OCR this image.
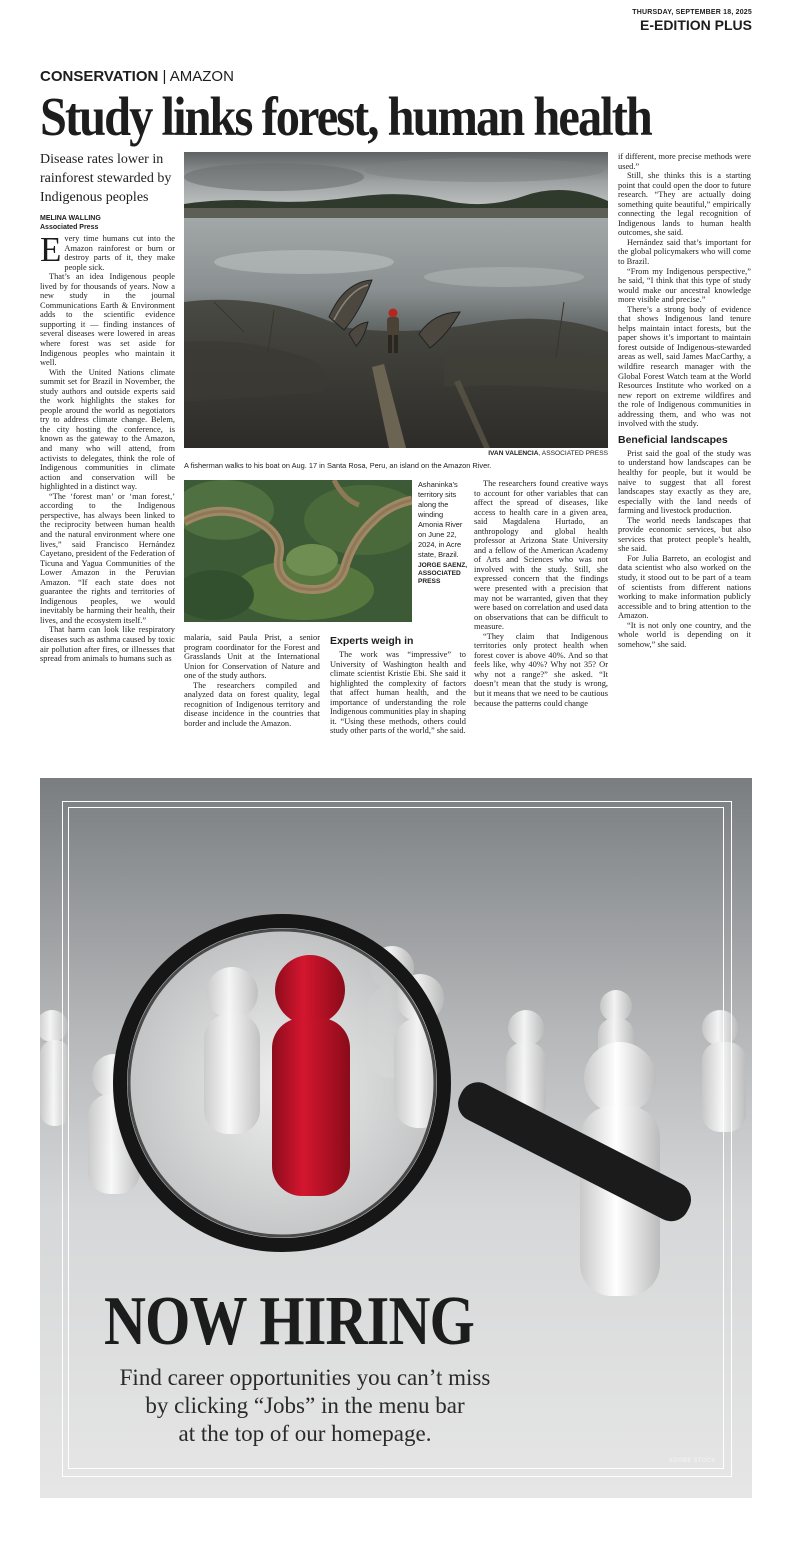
THURSDAY, SEPTEMBER 18, 2025
E-EDITION PLUS
CONSERVATION | AMAZON
Study links forest, human health
Disease rates lower in rainforest stewarded by Indigenous peoples
MELINA WALLING
Associated Press

Every time humans cut into the Amazon rainforest or burn or destroy parts of it, they make people sick.

That’s an idea Indigenous people lived by for thousands of years. Now a new study in the journal Communications Earth & Environment adds to the scientific evidence supporting it — finding instances of several diseases were lowered in areas where forest was set aside for Indigenous peoples who maintain it well.

With the United Nations climate summit set for Brazil in November, the study authors and outside experts said the work highlights the stakes for people around the world as negotiators try to address climate change. Belem, the city hosting the conference, is known as the gateway to the Amazon, and many who will attend, from activists to delegates, think the role of Indigenous communities in climate action and conservation will be highlighted in a distinct way.

“The ‘forest man’ or ‘man forest,’ according to the Indigenous perspective, has always been linked to the reciprocity between human health and the natural environment where one lives,” said Francisco Hernández Cayetano, president of the Federation of Ticuna and Yagua Communities of the Lower Amazon in the Peruvian Amazon. “If each state does not guarantee the rights and territories of Indigenous peoples, we would inevitably be harming their health, their lives, and the ecosystem itself.”

That harm can look like respiratory diseases such as asthma caused by toxic air pollution after fires, or illnesses that spread from animals to humans such as

IVAN VALENCIA, ASSOCIATED PRESS
A fisherman walks to his boat on Aug. 17 in Santa Rosa, Peru, an island on the Amazon River.
Ashaninka’s territory sits along the winding Amonia River on June 22, 2024, in Acre state, Brazil.
JORGE SAENZ, ASSOCIATED PRESS

malaria, said Paula Prist, a senior program coordinator for the Forest and Grasslands Unit at the International Union for Conservation of Nature and one of the study authors.

The researchers compiled and analyzed data on forest quality, legal recognition of Indigenous territory and disease incidence in the countries that border and include the Amazon.

Experts weigh in

The work was “impressive” to University of Washington health and climate scientist Kristie Ebi. She said it highlighted the complexity of factors that affect human health, and the importance of understanding the role Indigenous communities play in shaping it. “Using these methods, others could study other parts of the world,” she said.

The researchers found creative ways to account for other variables that can affect the spread of diseases, like access to health care in a given area, said Magdalena Hurtado, an anthropology and global health professor at Arizona State University and a fellow of the American Academy of Arts and Sciences who was not involved with the study. Still, she expressed concern that the findings were presented with a precision that may not be warranted, given that they were based on correlation and used data on observations that can be difficult to measure.

“They claim that Indigenous territories only protect health when forest cover is above 40%. And so that feels like, why 40%? Why not 35? Or why not a range?” she asked. “It doesn’t mean that the study is wrong, but it means that we need to be cautious because the patterns could change

if different, more precise methods were used.”

Still, she thinks this is a starting point that could open the door to future research. “They are actually doing something quite beautiful,” empirically connecting the legal recognition of Indigenous lands to human health outcomes, she said.

Hernández said that’s important for the global policymakers who will come to Brazil.

“From my Indigenous perspective,” he said, “I think that this type of study would make our ancestral knowledge more visible and precise.”

There’s a strong body of evidence that shows Indigenous land tenure helps maintain intact forests, but the paper shows it’s important to maintain forest outside of Indigenous-stewarded areas as well, said James MacCarthy, a wildfire research manager with the Global Forest Watch team at the World Resources Institute who worked on a new report on extreme wildfires and the role of Indigenous communities in addressing them, and who was not involved with the study.

Beneficial landscapes

Prist said the goal of the study was to understand how landscapes can be healthy for people, but it would be naive to suggest that all forest landscapes stay exactly as they are, especially with the land needs of farming and livestock production.

The world needs landscapes that provide economic services, but also services that protect people’s health, she said.

For Julia Barreto, an ecologist and data scientist who also worked on the study, it stood out to be part of a team of scientists from different nations working to make information publicly accessible and to bring attention to the Amazon.

“It is not only one country, and the whole world is depending on it somehow,” she said.

NOW HIRING
Find career opportunities you can’t miss
by clicking “Jobs” in the menu bar
at the top of our homepage.
ADOBE STOCK
